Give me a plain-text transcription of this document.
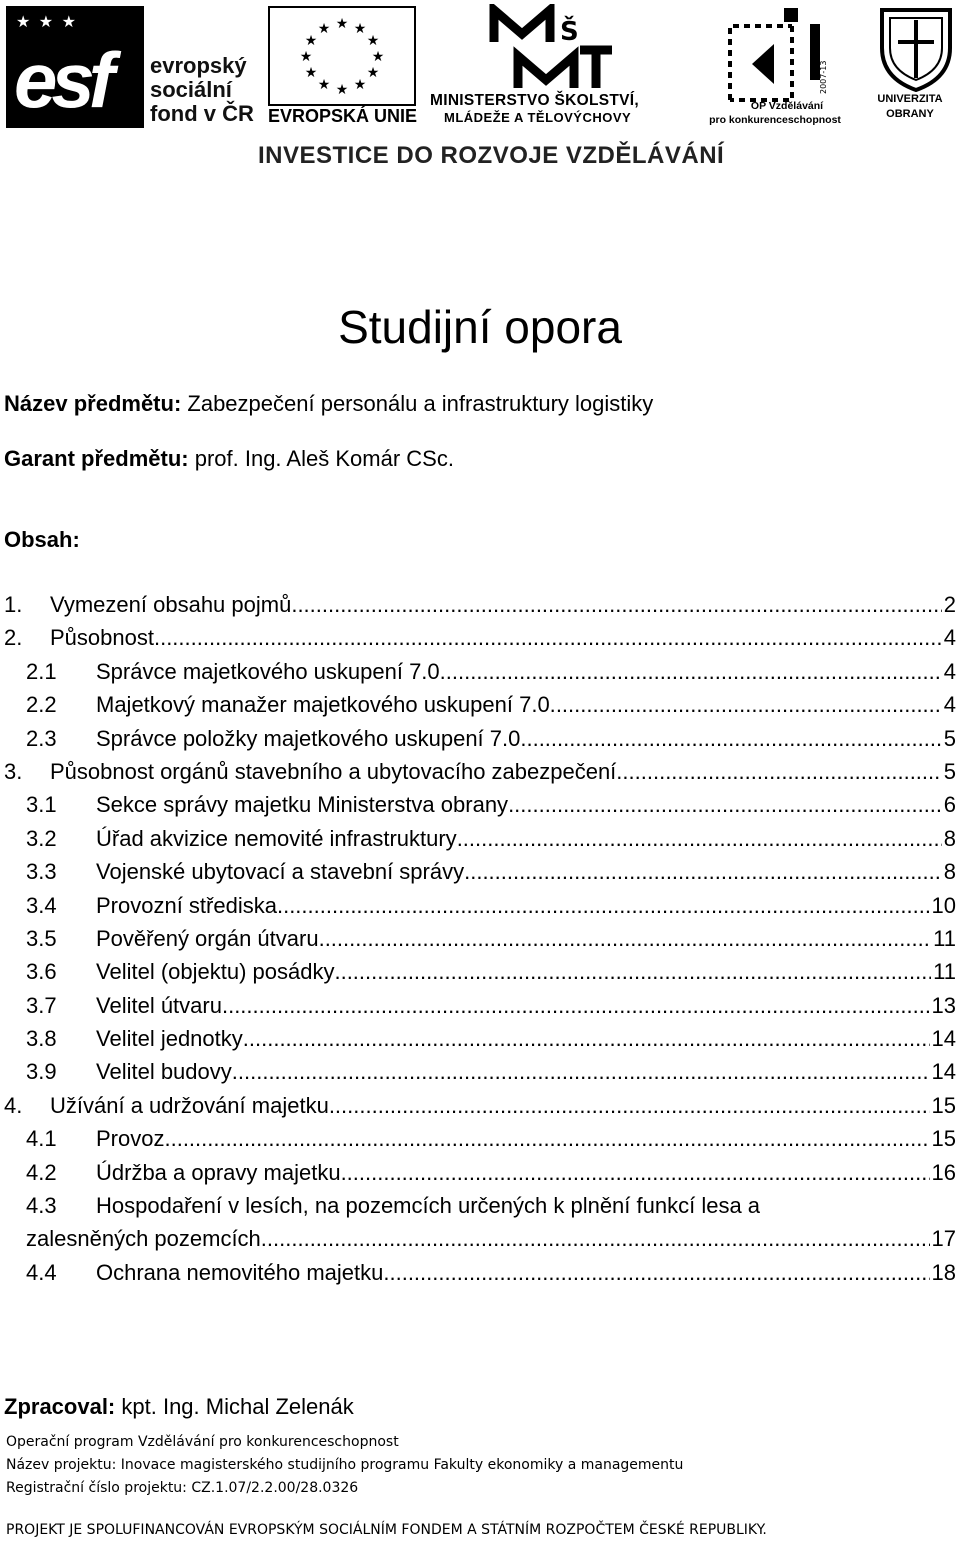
★ ★ ★
esf evropský
sociální
fond v ČR
★ ★
★
★
★
★
★
★
★
★
★
★
EVROPSKÁ UNIE
Š
MINISTERSTVO ŠKOLSTVÍ,
MLÁDEŽE A TĚLOVÝCHOVY
2007-13
OP Vzdělávání
pro konkurenceschopnost
UNIVERZITA
OBRANY
INVESTICE DO ROZVOJE VZDĚLÁVÁNÍ
Studijní opora
Název předmětu: Zabezpečení personálu a infrastruktury logistiky
Garant předmětu: prof. Ing. Aleš Komár CSc.
Obsah:
1.	Vymezení obsahu pojmů .....	2
2.	Působnost .....	4
2.1	Správce majetkového uskupení 7.0. .....	4
2.2	Majetkový manažer majetkového uskupení 7.0. .....	4
2.3	Správce položky majetkového uskupení 7.0 .....	5
3.	Působnost orgánů stavebního a ubytovacího zabezpečení .....	5
3.1	Sekce správy majetku Ministerstva obrany .....	6
3.2	Úřad akvizice nemovité infrastruktury .....	8
3.3	Vojenské ubytovací a stavební správy .....	8
3.4	Provozní střediska .....	10
3.5	Pověřený orgán útvaru .....	11
3.6	Velitel (objektu) posádky .....	11
3.7	Velitel útvaru .....	13
3.8	Velitel jednotky .....	14
3.9	Velitel budovy .....	14
4.	Užívání a udržování majetku .....	15
4.1	Provoz .....	15
4.2	Údržba a opravy majetku .....	16
4.3	Hospodaření v lesích, na pozemcích určených k plnění funkcí lesa a
zalesněných pozemcích .....	17
4.4	Ochrana nemovitého majetku .....	18
Zpracoval: kpt. Ing. Michal Zelenák
Operační program Vzdělávání pro konkurenceschopnost
Název projektu: Inovace magisterského studijního programu Fakulty ekonomiky a managementu
Registrační číslo projektu: CZ.1.07/2.2.00/28.0326
PROJEKT JE SPOLUFINANCOVÁN EVROPSKÝM SOCIÁLNÍM FONDEM A STÁTNÍM ROZPOČTEM ČESKÉ REPUBLIKY.
